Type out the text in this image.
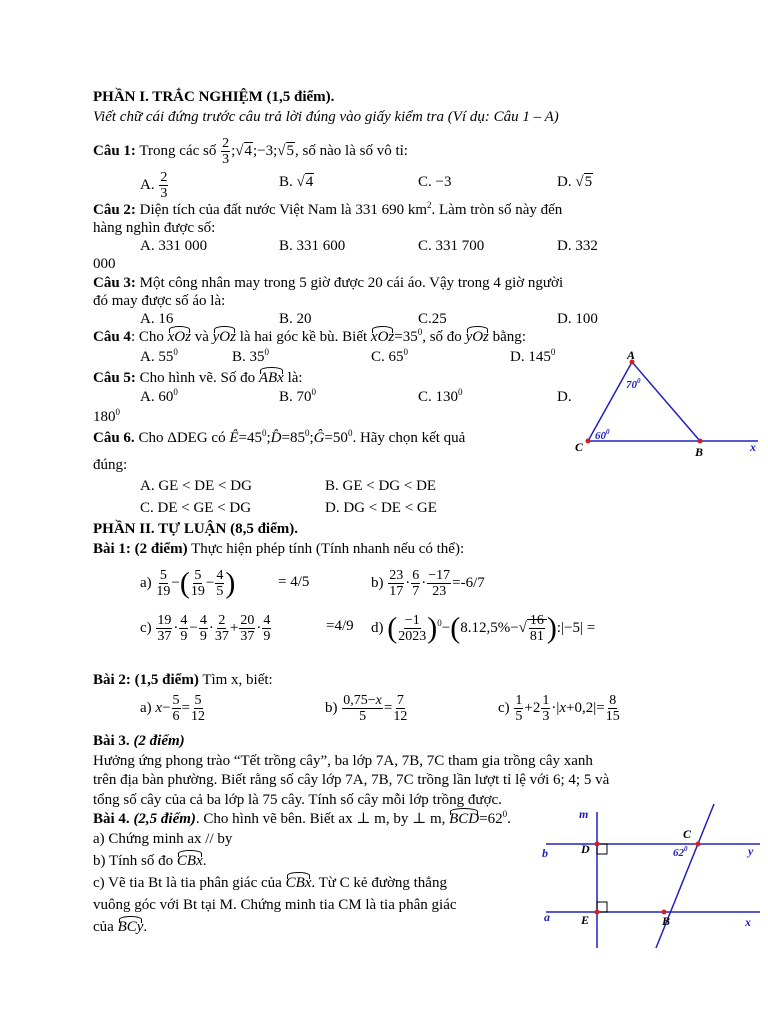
PHẦN I. TRẮC NGHIỆM (1,5 điểm).
Viết chữ cái đứng trước câu trả lời đúng vào giấy kiểm tra (Ví dụ: Câu 1 – A)
Câu 1: Trong các số $\frac{2}{3}$ ;√4;−3;√5, số nào là số vô tỉ:
A. $\frac{2}{3}$	B. √4	C. −3	D. √5
Câu 2: Diện tích của đất nước Việt Nam là 331 690 $km^2$. Làm tròn số này đến
hàng nghìn được số:
A. 331 000	B. 331 600	C. 331 700	D. 332
000
Câu 3: Một công nhân may trong 5 giờ được 20 cái áo. Vậy trong 4 giờ người
đó may được số áo là:
A. 16	B. 20	C.25	D. 100
Câu 4: Cho xOz và yOz là hai góc kề bù. Biết $xOz=35^0$, số đo yOz bằng:
A. $55^0$	B. $35^0$	C. $65^0$	D. $145^0$
Câu 5: Cho hình vẽ. Số đo ABx là:
A. $60^0$	B. $70^0$	C. $130^0$	D.
$180^0$
Câu 6. Cho ΔDEG có $Ê=45^0;D̂=85^0;Ĝ=50^0$. Hãy chọn kết quả
đúng:
A. GE < DE < DG	B. GE < DG < DE
C. DE < GE < DG	D. DG < DE < GE
A
B
C	x
$70^0$
$60^0$
PHẦN II. TỰ LUẬN (8,5 điểm).
Bài 1: (2 điểm) Thực hiện phép tính (Tính nhanh nếu có thể):
$a) \frac{5}{19}$ −( $\frac{5}{19} - \frac{4}{5}$ )	= 4/5	$b) \frac{23}{17} \cdot \frac{6}{7} \cdot \frac{-17}{23} =-6/7$
$c) \frac{19}{37} \cdot \frac{4}{9} - \frac{4}{9} \cdot \frac{2}{37} + \frac{20}{37} \cdot \frac{4}{9}$	=4/9 d) ( $\frac{-1}{2023} )^0-(8.12,5\%-√ \frac{16}{81}$ ):|−5| =
Bài 2: (1,5 điểm) Tìm x, biết:
a) $x- \frac{5}{6} = \frac{5}{12}$	$b) \frac{0,75-x}{5} = \frac{7}{12}$	$c) \frac{1}{5} +2 \frac{1}{3} \cdot|x+0,2|= \frac{8}{15}$
Bài 3. (2 điểm)
Hưởng ứng phong trào “Tết trồng cây”, ba lớp 7A, 7B, 7C tham gia trồng cây xanh
trên địa bàn phường. Biết rằng số cây lớp 7A, 7B, 7C trồng lần lượt tỉ lệ với 6; 4; 5 và
tổng số cây của cả ba lớp là 75 cây. Tính số cây mỗi lớp trồng được.
Bài 4. (2,5 điểm). Cho hình vẽ bên. Biết ax ⊥ m, by ⊥ m, $BCD=62^0$.
a) Chứng minh ax // by
b) Tính số đo CBx.
c) Vẽ tia Bt là tia phân giác của CBx. Từ C kẻ đường thẳng
vuông góc với Bt tại M. Chứng minh tia CM là tia phân giác
của BCy.
m
b	y
a	x
C
D
E	B
$62^0$
